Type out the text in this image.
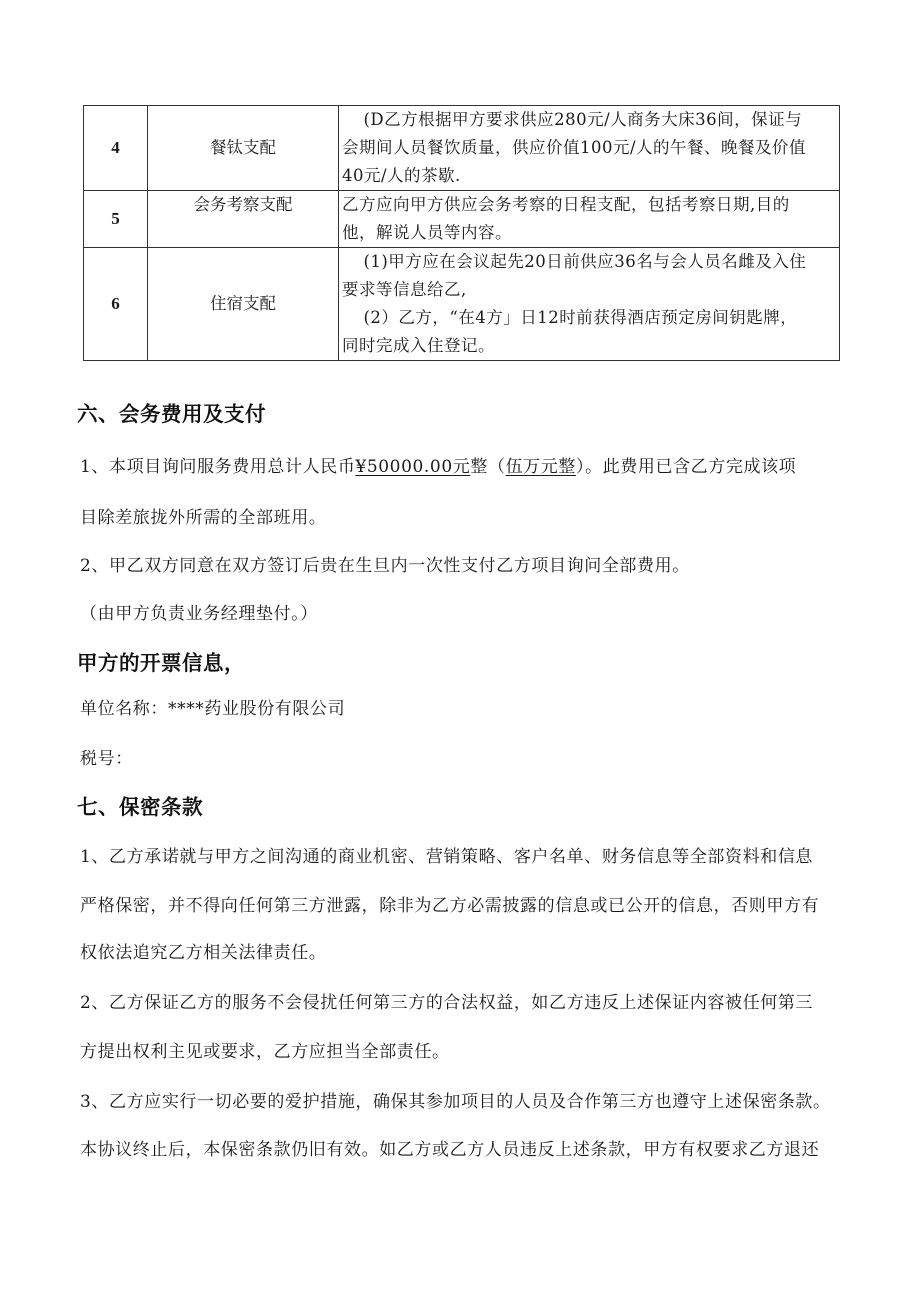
4	餐钛支配	(D乙方根据甲方要求供应280元/人商务大床36间，保证与

会期间人员餐饮质量，供应价值100元/人的午餐、晚餐及价值

40元/人的茶歇.

5	会务考察支配	乙方应向甲方供应会务考察的日程支配，包括考察日期,目的

他，解说人员等内容。

6	住宿支配	(1)甲方应在会议起先20日前供应36名与会人员名雌及入住

要求等信息给乙,

(2）乙方，“在4方」日12时前获得酒店预定房间钥匙牌，

同时完成入住登记。

六、会务费用及支付

1、本项目询问服务费用总计人民币¥50000.00元整（伍万元整）。此费用已含乙方完成该项

目除差旅拢外所需的全部班用。

2、甲乙双方同意在双方签订后贵在生旦内一次性支付乙方项目询问全部费用。

（由甲方负责业务经理垫付。）

甲方的开票信息，

单位名称：****药业股份有限公司

税号：

七、保密条款

1、乙方承诺就与甲方之间沟通的商业机密、营销策略、客户名单、财务信息等全部资料和信息

严格保密，并不得向任何第三方泄露，除非为乙方必需披露的信息或已公开的信息，否则甲方有

权依法追究乙方相关法律责任。

2、乙方保证乙方的服务不会侵扰任何第三方的合法权益，如乙方违反上述保证内容被任何第三

方提出权利主见或要求，乙方应担当全部责任。

3、乙方应实行一切必要的爱护措施，确保其参加项目的人员及合作第三方也遵守上述保密条款。

本协议终止后，本保密条款仍旧有效。如乙方或乙方人员违反上述条款，甲方有权要求乙方退还
